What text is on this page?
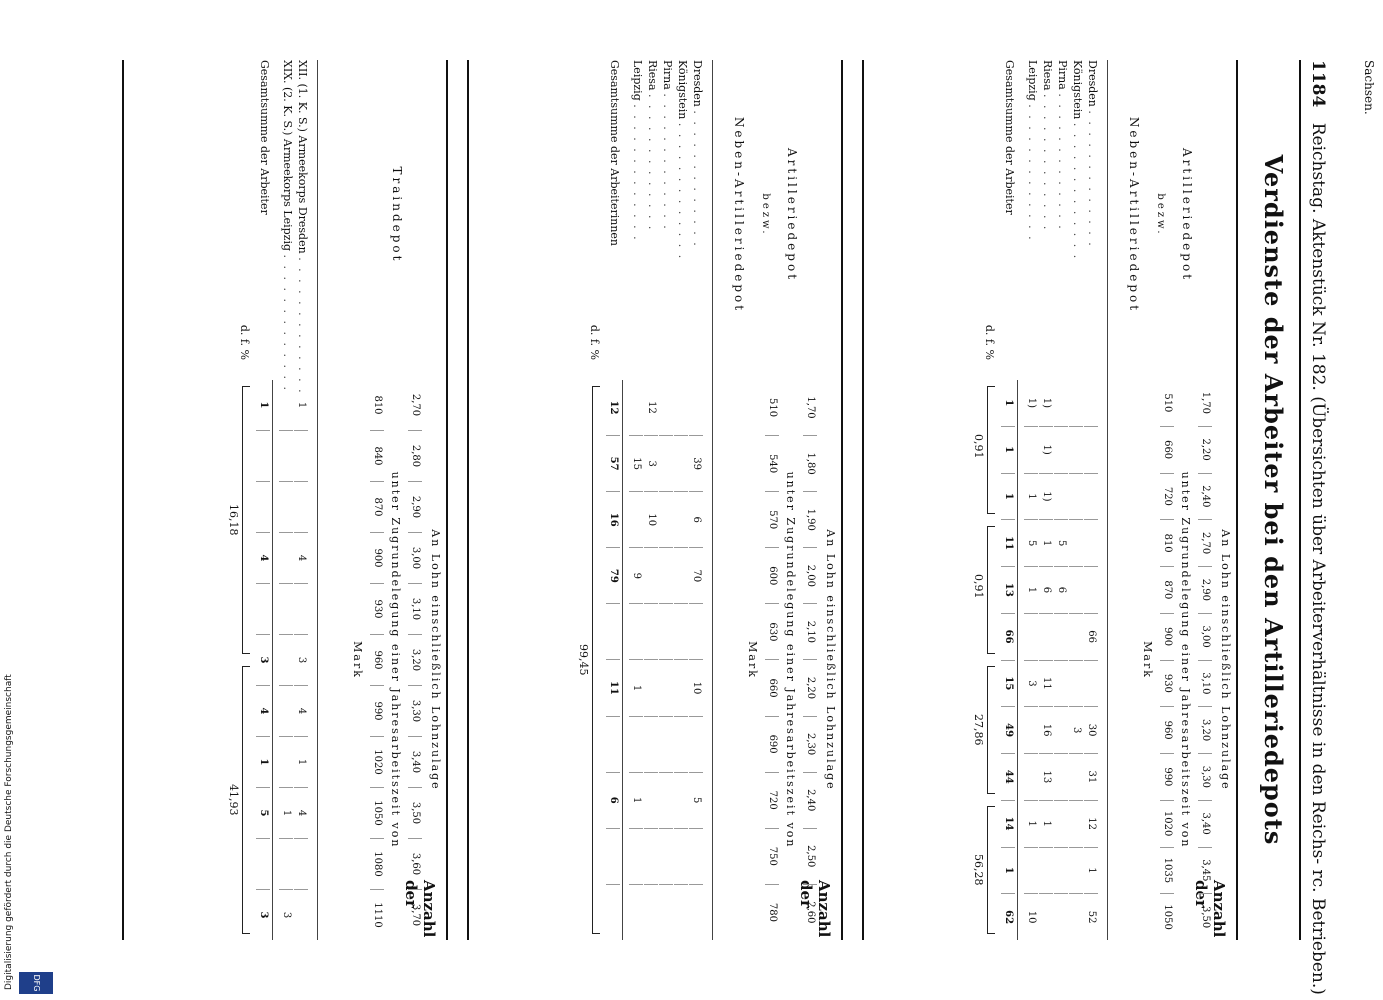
Sachsen.
1184 Reichstag. Aktenstück Nr. 182. (Übersichten über Arbeiterverhältnisse in den Reichs- rc. Betrieben.)
Verdienste der Arbeiter bei den Artilleriedepots
Artilleriedepot
bezw.
Neben-Artilleriedepot
Anzahl der
An Lohn einschließlich Lohnzulage
1,70
2,20
2,40
2,70
2,90
3,00
3,10
3,20
3,30
3,40
3,45
3,50
unter Zugrundelegung einer Jahresarbeitszeit von
510
660
720
810
870
900
930
960
990
1020
1035
1050
Mark
Dresden . . . . . . . . . . . . .
66
30
31
12
1
52
Königstein . . . . . . . . . . . . .
3
Pirna . . . . . . . . . . . . .
5
6
Riesa . . . . . . . . . . . . .
1)
1)
1)
1
6
11
16
13
1
Leipzig . . . . . . . . . . . . .
1)
1
5
1
3
1
10
Gesamtsumme der Arbeiter
1
1
1
11
13
66
15
49
44
14
1
62
d. f. %
0,91
0,91
27,86
56,28
Artilleriedepot
bezw.
Neben-Artilleriedepot
Anzahl der
An Lohn einschließlich Lohnzulage
1,70
1,80
1,90
2,00
2,10
2,20
2,30
2,40
2,50
2,60
unter Zugrundelegung einer Jahresarbeitszeit von
510
540
570
600
630
660
690
720
750
780
Mark
Dresden . . . . . . . . . . . . .
39
6
70
10
5
Königstein . . . . . . . . . . . . .
Pirna . . . . . . . . . . . . .
Riesa . . . . . . . . . . . . .
12
3
10
Leipzig . . . . . . . . . . . . .
15
9
1
1
Gesamtsumme der Arbeiterinnen
12
57
16
79
11
6
d. f. %
99,45
Traindepot
Anzahl der
An Lohn einschließlich Lohnzulage
2,70
2,80
2,90
3,00
3,10
3,20
3,30
3,40
3,50
3,60
3,70
unter Zugrundelegung einer Jahresarbeitszeit von
810
840
870
900
930
960
990
1020
1050
1080
1110
Mark
XII. (1. K. S.) Armeekorps Dresden . . . . . . . . . . . . .
1
4
3
4
1
4
XIX. (2. K. S.) Armeekorps Leipzig . . . . . . . . . . . . .
1
3
Gesamtsumme der Arbeiter
1
4
3
4
1
5
3
d. f. %
16,18
41,93
DFG
Digitalisierung gefördert durch die Deutsche Forschungsgemeinschaft
